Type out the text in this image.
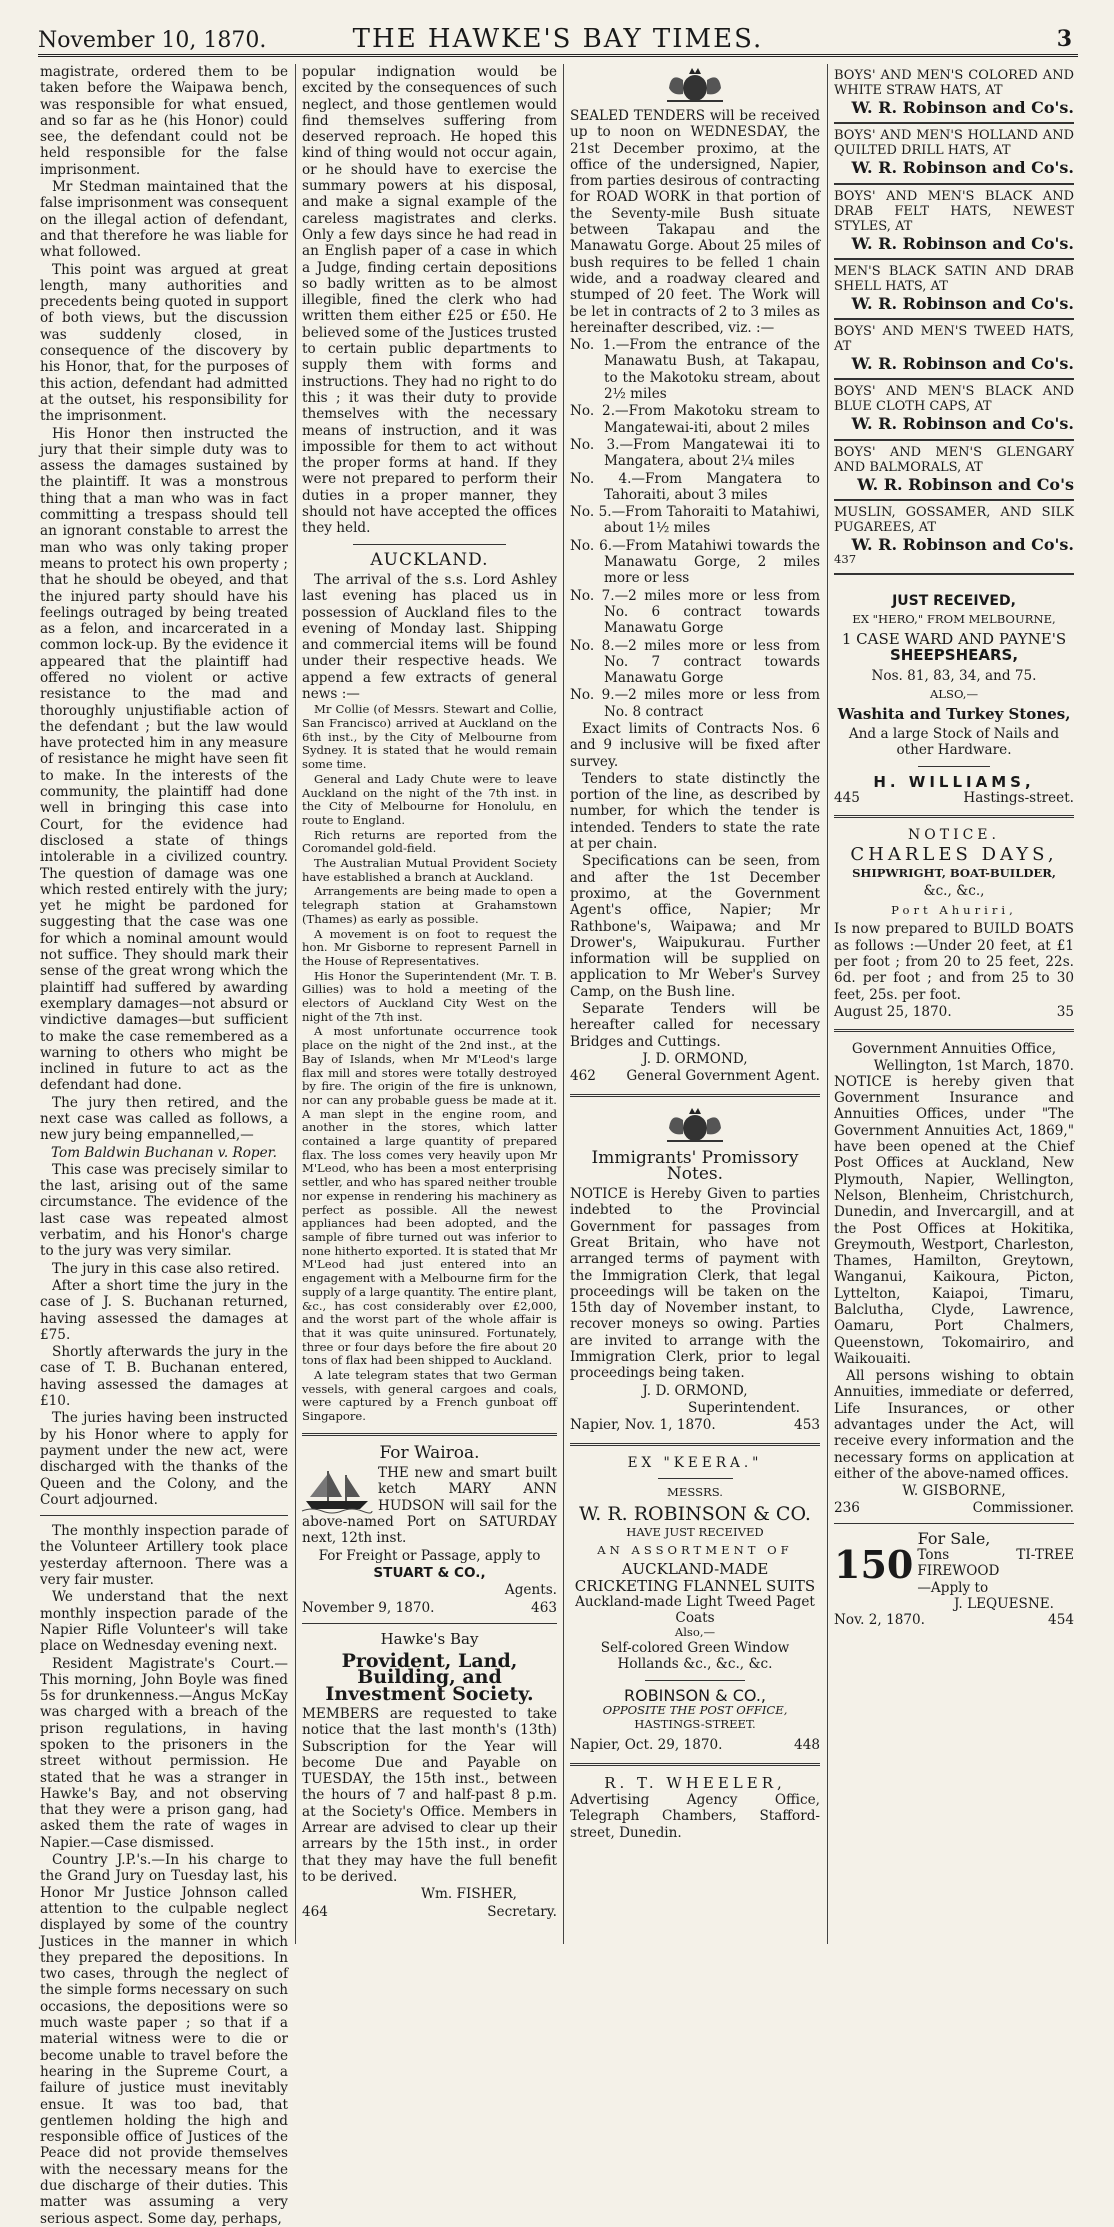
November 10, 1870.	THE HAWKE'S BAY TIMES.	3

magistrate, ordered them to be taken before the Waipawa bench, was responsible for what ensued, and so far as he (his Honor) could see, the defendant could not be held responsible for the false imprisonment.

Mr Stedman maintained that the false imprisonment was consequent on the illegal action of defendant, and that therefore he was liable for what followed.

This point was argued at great length, many authorities and precedents being quoted in support of both views, but the discussion was suddenly closed, in consequence of the discovery by his Honor, that, for the purposes of this action, defendant had admitted at the outset, his responsibility for the imprisonment.

His Honor then instructed the jury that their simple duty was to assess the damages sustained by the plaintiff. It was a monstrous thing that a man who was in fact committing a trespass should tell an ignorant constable to arrest the man who was only taking proper means to protect his own property ; that he should be obeyed, and that the injured party should have his feelings outraged by being treated as a felon, and incarcerated in a common lock-up. By the evidence it appeared that the plaintiff had offered no violent or active resistance to the mad and thoroughly unjustifiable action of the defendant ; but the law would have protected him in any measure of resistance he might have seen fit to make. In the interests of the community, the plaintiff had done well in bringing this case into Court, for the evidence had disclosed a state of things intolerable in a civilized country. The question of damage was one which rested entirely with the jury; yet he might be pardoned for suggesting that the case was one for which a nominal amount would not suffice. They should mark their sense of the great wrong which the plaintiff had suffered by awarding exemplary damages—not absurd or vindictive damages—but sufficient to make the case remembered as a warning to others who might be inclined in future to act as the defendant had done.

The jury then retired, and the next case was called as follows, a new jury being empannelled,—

Tom Baldwin Buchanan v. Roper.

This case was precisely similar to the last, arising out of the same circumstance. The evidence of the last case was repeated almost verbatim, and his Honor's charge to the jury was very similar.

The jury in this case also retired.

After a short time the jury in the case of J. S. Buchanan returned, having assessed the damages at £75.

Shortly afterwards the jury in the case of T. B. Buchanan entered, having assessed the damages at £10.

The juries having been instructed by his Honor where to apply for payment under the new act, were discharged with the thanks of the Queen and the Colony, and the Court adjourned.

The monthly inspection parade of the Volunteer Artillery took place yesterday afternoon. There was a very fair muster.

We understand that the next monthly inspection parade of the Napier Rifle Volunteer's will take place on Wednesday evening next.

Resident Magistrate's Court.—This morning, John Boyle was fined 5s for drunkenness.—Angus McKay was charged with a breach of the prison regulations, in having spoken to the prisoners in the street without permission. He stated that he was a stranger in Hawke's Bay, and not observing that they were a prison gang, had asked them the rate of wages in Napier.—Case dismissed.

Country J.P.'s.—In his charge to the Grand Jury on Tuesday last, his Honor Mr Justice Johnson called attention to the culpable neglect displayed by some of the country Justices in the manner in which they prepared the depositions. In two cases, through the neglect of the simple forms necessary on such occasions, the depositions were so much waste paper ; so that if a material witness were to die or become unable to travel before the hearing in the Supreme Court, a failure of justice must inevitably ensue. It was too bad, that gentlemen holding the high and responsible office of Justices of the Peace did not provide themselves with the necessary means for the due discharge of their duties. This matter was assuming a very serious aspect. Some day, perhaps,

popular indignation would be excited by the consequences of such neglect, and those gentlemen would find themselves suffering from deserved reproach. He hoped this kind of thing would not occur again, or he should have to exercise the summary powers at his disposal, and make a signal example of the careless magistrates and clerks. Only a few days since he had read in an English paper of a case in which a Judge, finding certain depositions so badly written as to be almost illegible, fined the clerk who had written them either £25 or £50. He believed some of the Justices trusted to certain public departments to supply them with forms and instructions. They had no right to do this ; it was their duty to provide themselves with the necessary means of instruction, and it was impossible for them to act without the proper forms at hand. If they were not prepared to perform their duties in a proper manner, they should not have accepted the offices they held.

AUCKLAND.

The arrival of the s.s. Lord Ashley last evening has placed us in possession of Auckland files to the evening of Monday last. Shipping and commercial items will be found under their respective heads. We append a few extracts of general news :—

Mr Collie (of Messrs. Stewart and Collie, San Francisco) arrived at Auckland on the 6th inst., by the City of Melbourne from Sydney. It is stated that he would remain some time.

General and Lady Chute were to leave Auckland on the night of the 7th inst. in the City of Melbourne for Honolulu, en route to England.

Rich returns are reported from the Coromandel gold-field.

The Australian Mutual Provident Society have established a branch at Auckland.

Arrangements are being made to open a telegraph station at Grahamstown (Thames) as early as possible.

A movement is on foot to request the hon. Mr Gisborne to represent Parnell in the House of Representatives.

His Honor the Superintendent (Mr. T. B. Gillies) was to hold a meeting of the electors of Auckland City West on the night of the 7th inst.

A most unfortunate occurrence took place on the night of the 2nd inst., at the Bay of Islands, when Mr M'Leod's large flax mill and stores were totally destroyed by fire. The origin of the fire is unknown, nor can any probable guess be made at it. A man slept in the engine room, and another in the stores, which latter contained a large quantity of prepared flax. The loss comes very heavily upon Mr M'Leod, who has been a most enterprising settler, and who has spared neither trouble nor expense in rendering his machinery as perfect as possible. All the newest appliances had been adopted, and the sample of fibre turned out was inferior to none hitherto exported. It is stated that Mr M'Leod had just entered into an engagement with a Melbourne firm for the supply of a large quantity. The entire plant, &c., has cost considerably over £2,000, and the worst part of the whole affair is that it was quite uninsured. Fortunately, three or four days before the fire about 20 tons of flax had been shipped to Auckland.

A late telegram states that two German vessels, with general cargoes and coals, were captured by a French gunboat off Singapore.

For Wairoa.

THE new and smart built ketch MARY ANN HUDSON will sail for the above-named Port on SATURDAY next, 12th inst.

For Freight or Passage, apply to

STUART & CO.,

Agents.

November 9, 1870.	463
Hawke's Bay
Provident, Land, Building, and Investment Society.

MEMBERS are requested to take notice that the last month's (13th) Subscription for the Year will become Due and Payable on TUESDAY, the 15th inst., between the hours of 7 and half-past 8 p.m. at the Society's Office. Members in Arrear are advised to clear up their arrears by the 15th inst., in order that they may have the full benefit to be derived.

Wm. FISHER,

464	Secretary.

SEALED TENDERS will be received up to noon on WEDNESDAY, the 21st December proximo, at the office of the undersigned, Napier, from parties desirous of contracting for ROAD WORK in that portion of the Seventy-mile Bush situate between Takapau and the Manawatu Gorge. About 25 miles of bush requires to be felled 1 chain wide, and a roadway cleared and stumped of 20 feet. The Work will be let in contracts of 2 to 3 miles as hereinafter described, viz. :—

No. 1.—From the entrance of the Manawatu Bush, at Takapau, to the Makotoku stream, about 2½ miles
No. 2.—From Makotoku stream to Mangatewai-iti, about 2 miles
No. 3.—From Mangatewai iti to Mangatera, about 2¼ miles
No. 4.—From Mangatera to Tahoraiti, about 3 miles
No. 5.—From Tahoraiti to Matahiwi, about 1½ miles
No. 6.—From Matahiwi towards the Manawatu Gorge, 2 miles more or less
No. 7.—2 miles more or less from No. 6 contract towards Manawatu Gorge
No. 8.—2 miles more or less from No. 7 contract towards Manawatu Gorge
No. 9.—2 miles more or less from No. 8 contract

Exact limits of Contracts Nos. 6 and 9 inclusive will be fixed after survey.

Tenders to state distinctly the portion of the line, as described by number, for which the tender is intended. Tenders to state the rate at per chain.

Specifications can be seen, from and after the 1st December proximo, at the Government Agent's office, Napier; Mr Rathbone's, Waipawa; and Mr Drower's, Waipukurau. Further information will be supplied on application to Mr Weber's Survey Camp, on the Bush line.

Separate Tenders will be hereafter called for necessary Bridges and Cuttings.

J. D. ORMOND,

462 General Government Agent.
Immigrants' Promissory Notes.

NOTICE is Hereby Given to parties indebted to the Provincial Government for passages from Great Britain, who have not arranged terms of payment with the Immigration Clerk, that legal proceedings will be taken on the 15th day of November instant, to recover moneys so owing. Parties are invited to arrange with the Immigration Clerk, prior to legal proceedings being taken.

J. D. ORMOND,

Superintendent.

Napier, Nov. 1, 1870.	453
EX "KEERA."
MESSRS.
W. R. ROBINSON & CO.
HAVE JUST RECEIVED
AN ASSORTMENT OF
AUCKLAND-MADE CRICKETING FLANNEL SUITS
Auckland-made Light Tweed Paget Coats
Also,—
Self-colored Green Window Hollands &c., &c., &c.
ROBINSON & CO.,
OPPOSITE THE POST OFFICE,
HASTINGS-STREET.
Napier, Oct. 29, 1870.	448

R. T. WHEELER,

Advertising Agency Office, Telegraph Chambers, Stafford-street, Dunedin.

BOYS' AND MEN'S COLORED AND WHITE STRAW HATS, AT
W. R. Robinson and Co's.
BOYS' AND MEN'S HOLLAND AND QUILTED DRILL HATS, AT
W. R. Robinson and Co's.
BOYS' AND MEN'S BLACK AND DRAB FELT HATS, NEWEST STYLES, AT
W. R. Robinson and Co's.
MEN'S BLACK SATIN AND DRAB SHELL HATS, AT
W. R. Robinson and Co's.
BOYS' AND MEN'S TWEED HATS, AT
W. R. Robinson and Co's.
BOYS' AND MEN'S BLACK AND BLUE CLOTH CAPS, AT
W. R. Robinson and Co's.
BOYS' AND MEN'S GLENGARY AND BALMORALS, AT
W. R. Robinson and Co's
MUSLIN, GOSSAMER, AND SILK PUGAREES, AT
W. R. Robinson and Co's.
437
JUST RECEIVED,
EX "HERO," FROM MELBOURNE,
1 CASE WARD AND PAYNE'S
SHEEPSHEARS,
Nos. 81, 83, 34, and 75.
ALSO,—
Washita and Turkey Stones,
And a large Stock of Nails and other Hardware.
H. WILLIAMS,
445	Hastings-street.
NOTICE.
CHARLES DAYS,
SHIPWRIGHT, BOAT-BUILDER,
&c., &c.,
Port Ahuriri,

Is now prepared to BUILD BOATS as follows :—Under 20 feet, at £1 per foot ; from 20 to 25 feet, 22s. 6d. per foot ; and from 25 to 30 feet, 25s. per foot.

August 25, 1870.	35
Government Annuities Office,
Wellington, 1st March, 1870.

NOTICE is hereby given that Government Insurance and Annuities Offices, under "The Government Annuities Act, 1869," have been opened at the Chief Post Offices at Auckland, New Plymouth, Napier, Wellington, Nelson, Blenheim, Christchurch, Dunedin, and Invercargill, and at the Post Offices at Hokitika, Greymouth, Westport, Charleston, Thames, Hamilton, Greytown, Wanganui, Kaikoura, Picton, Lyttelton, Kaiapoi, Timaru, Balclutha, Clyde, Lawrence, Oamaru, Port Chalmers, Queenstown, Tokomairiro, and Waikouaiti.

All persons wishing to obtain Annuities, immediate or deferred, Life Insurances, or other advantages under the Act, will receive every information and the necessary forms on application at either of the above-named offices.

W. GISBORNE,
236	Commissioner.
For Sale,
150 Tons TI-TREE FIREWOOD
—Apply to
J. LEQUESNE.
Nov. 2, 1870.	454
